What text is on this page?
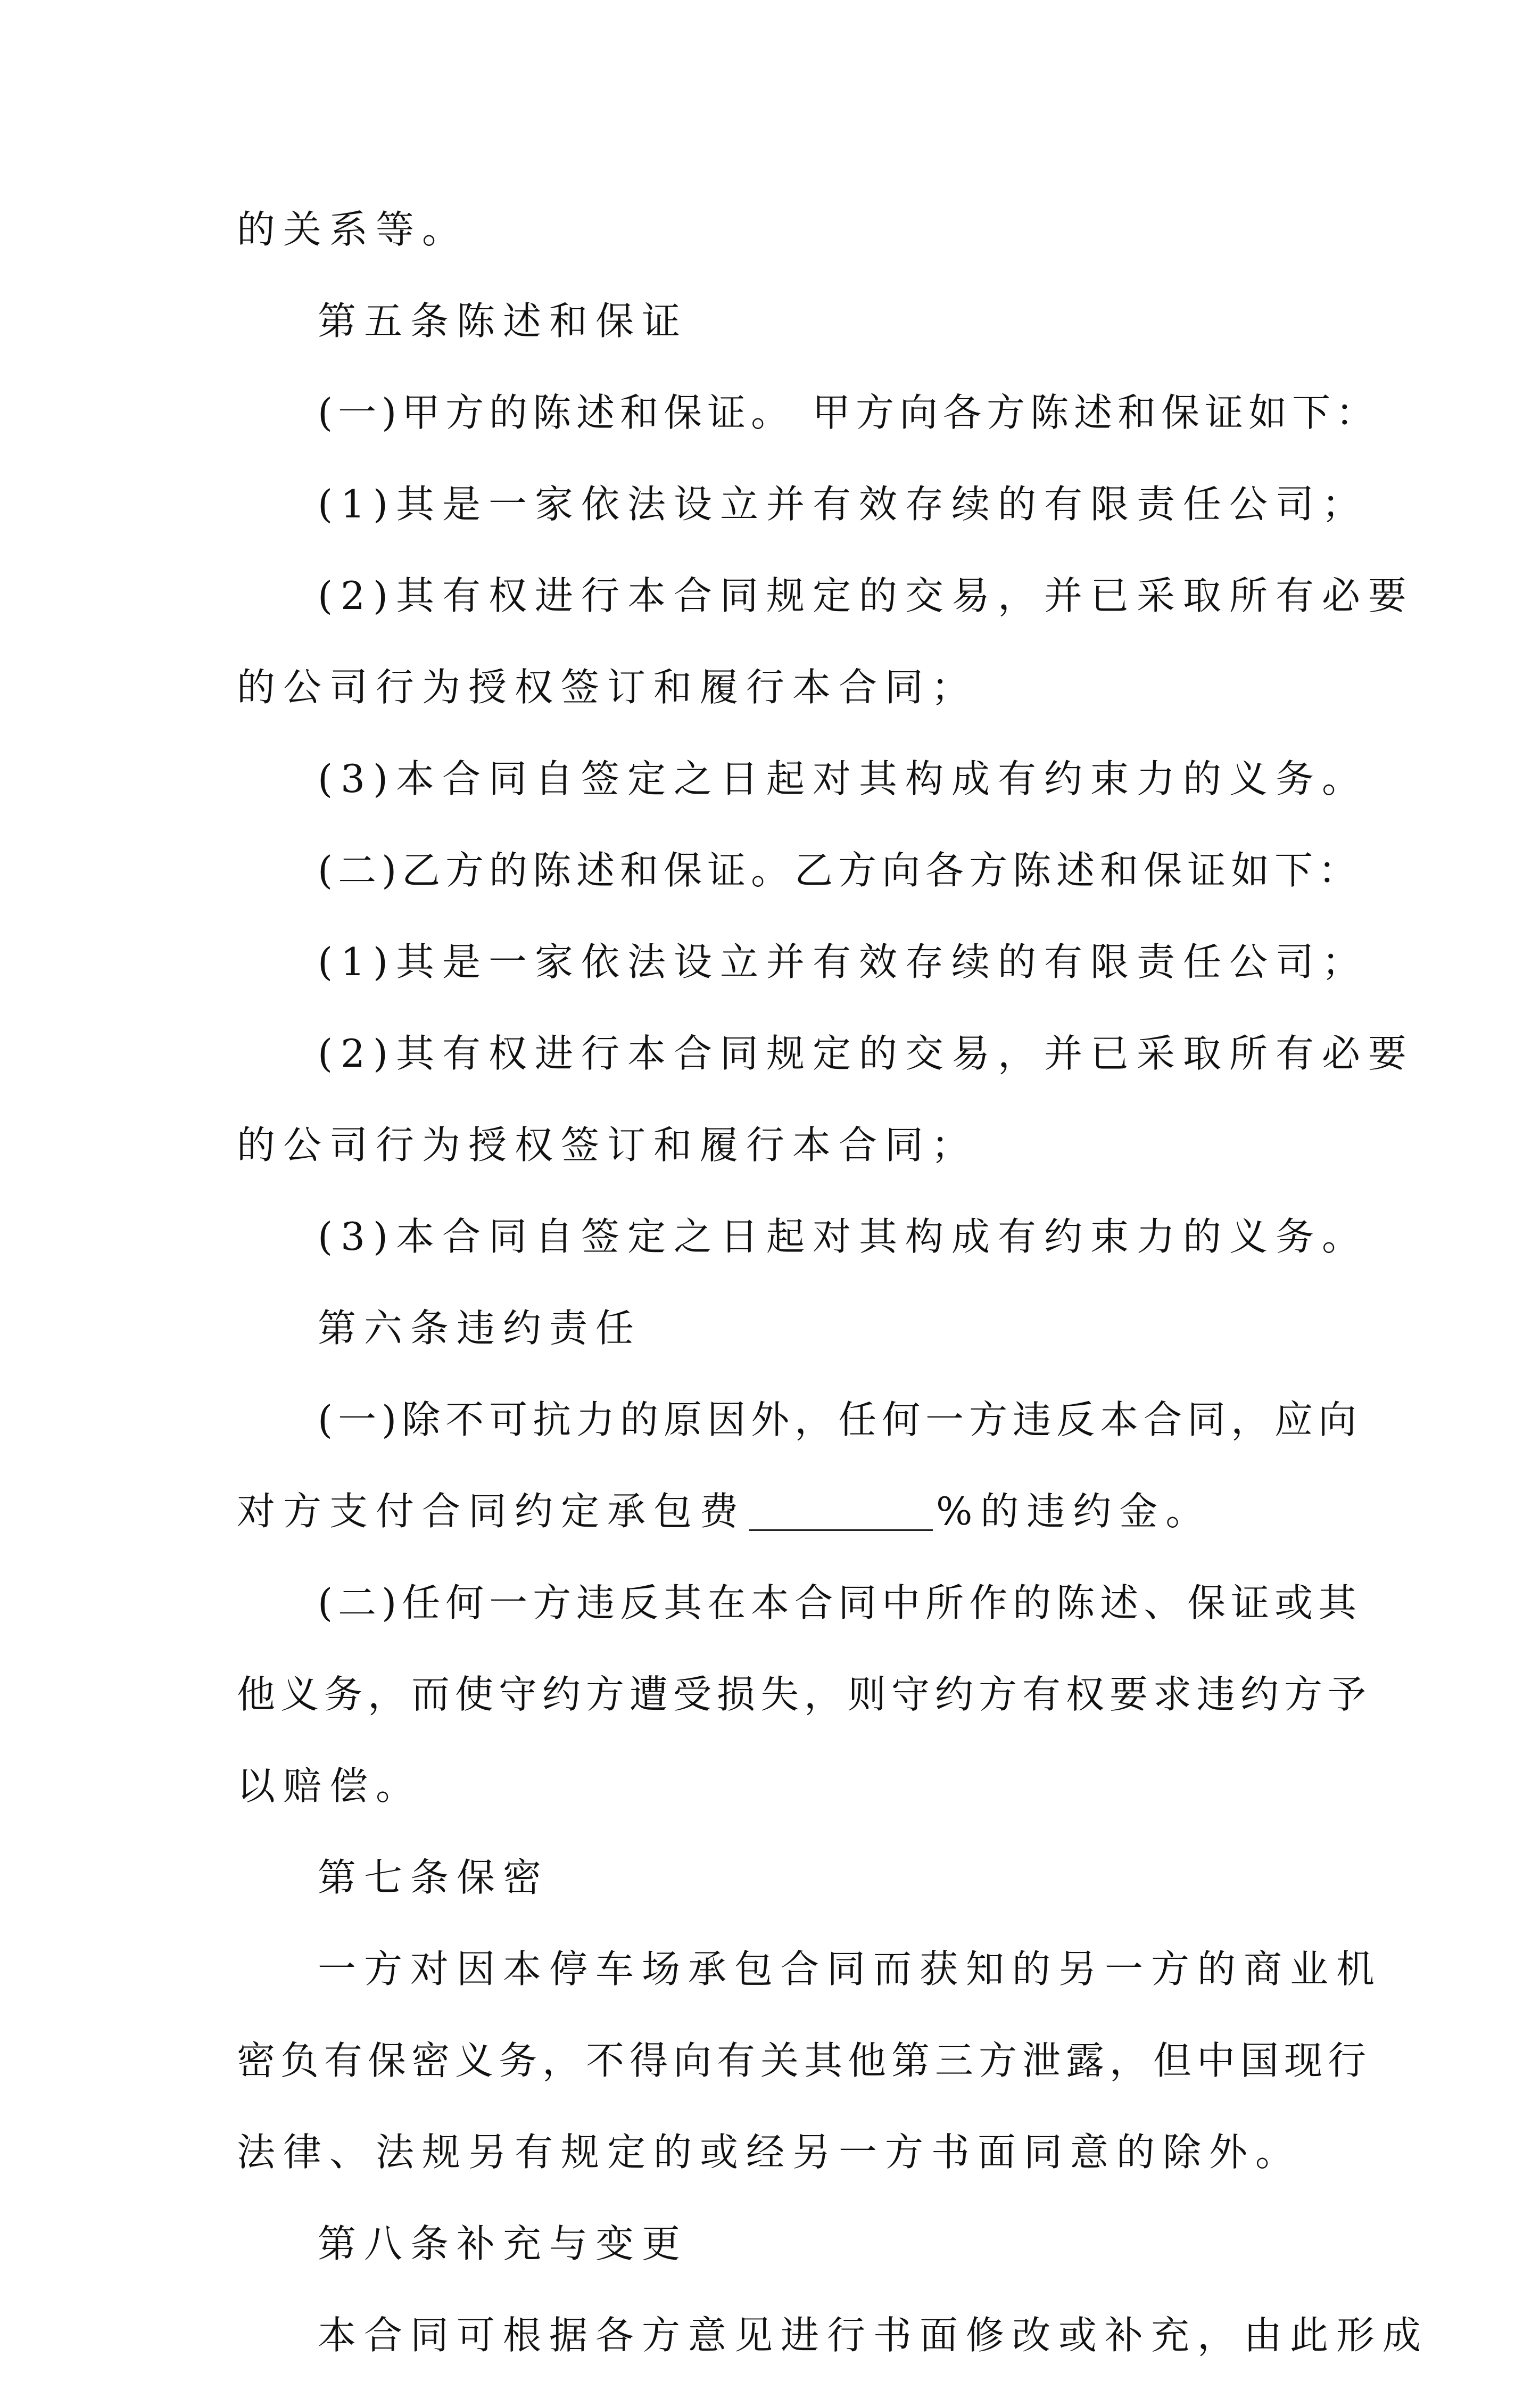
的关系等。
第五条陈述和保证
(一)甲方的陈述和保证。 甲方向各方陈述和保证如下：
(1)其是一家依法设立并有效存续的有限责任公司；
(2)其有权进行本合同规定的交易，并已采取所有必要
的公司行为授权签订和履行本合同；
(3)本合同自签定之日起对其构成有约束力的义务。
(二)乙方的陈述和保证。乙方向各方陈述和保证如下：
(1)其是一家依法设立并有效存续的有限责任公司；
(2)其有权进行本合同规定的交易，并已采取所有必要
的公司行为授权签订和履行本合同；
(3)本合同自签定之日起对其构成有约束力的义务。
第六条违约责任
(一)除不可抗力的原因外，任何一方违反本合同，应向
对方支付合同约定承包费	%的违约金。
(二)任何一方违反其在本合同中所作的陈述、保证或其
他义务，而使守约方遭受损失，则守约方有权要求违约方予
以赔偿。
第七条保密
一方对因本停车场承包合同而获知的另一方的商业机
密负有保密义务，不得向有关其他第三方泄露，但中国现行
法律、法规另有规定的或经另一方书面同意的除外。
第八条补充与变更
本合同可根据各方意见进行书面修改或补充，由此形成
